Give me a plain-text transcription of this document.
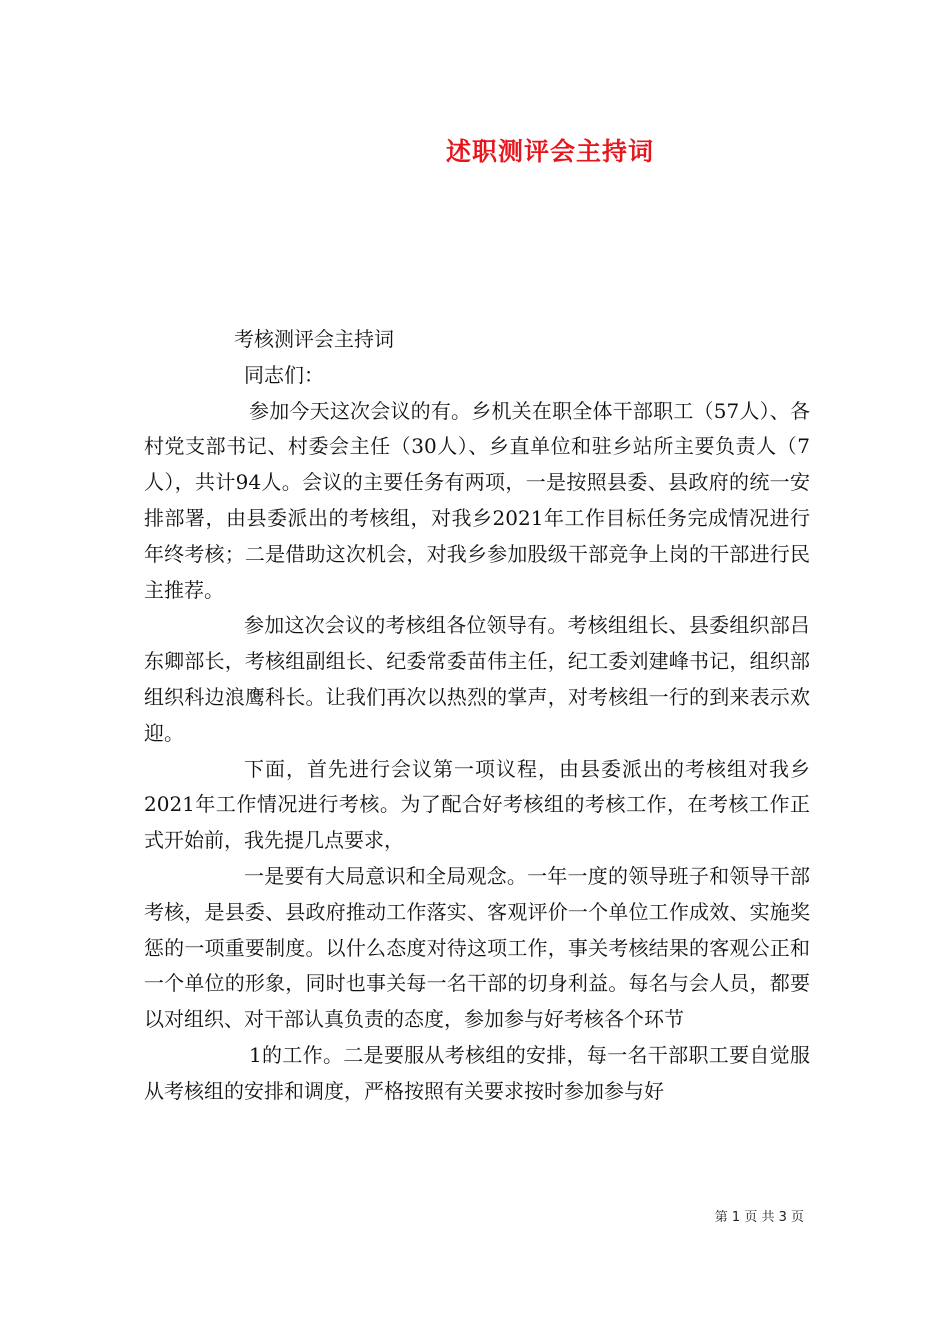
述职测评会主持词

考核测评会主持词

同志们：

参加今天这次会议的有。乡机关在职全体干部职工（57人）、各村党支部书记、村委会主任（30人）、乡直单位和驻乡站所主要负责人（7人），共计94人。会议的主要任务有两项，一是按照县委、县政府的统一安排部署，由县委派出的考核组，对我乡2021年工作目标任务完成情况进行年终考核；二是借助这次机会，对我乡参加股级干部竞争上岗的干部进行民主推荐。

参加这次会议的考核组各位领导有。考核组组长、县委组织部吕东卿部长，考核组副组长、纪委常委苗伟主任，纪工委刘建峰书记，组织部组织科边浪鹰科长。让我们再次以热烈的掌声，对考核组一行的到来表示欢迎。

下面，首先进行会议第一项议程，由县委派出的考核组对我乡2021年工作情况进行考核。为了配合好考核组的考核工作，在考核工作正式开始前，我先提几点要求，

一是要有大局意识和全局观念。一年一度的领导班子和领导干部考核，是县委、县政府推动工作落实、客观评价一个单位工作成效、实施奖惩的一项重要制度。以什么态度对待这项工作，事关考核结果的客观公正和一个单位的形象，同时也事关每一名干部的切身利益。每名与会人员，都要以对组织、对干部认真负责的态度，参加参与好考核各个环节

1的工作。二是要服从考核组的安排，每一名干部职工要自觉服从考核组的安排和调度，严格按照有关要求按时参加参与好

第 1 页 共 3 页
